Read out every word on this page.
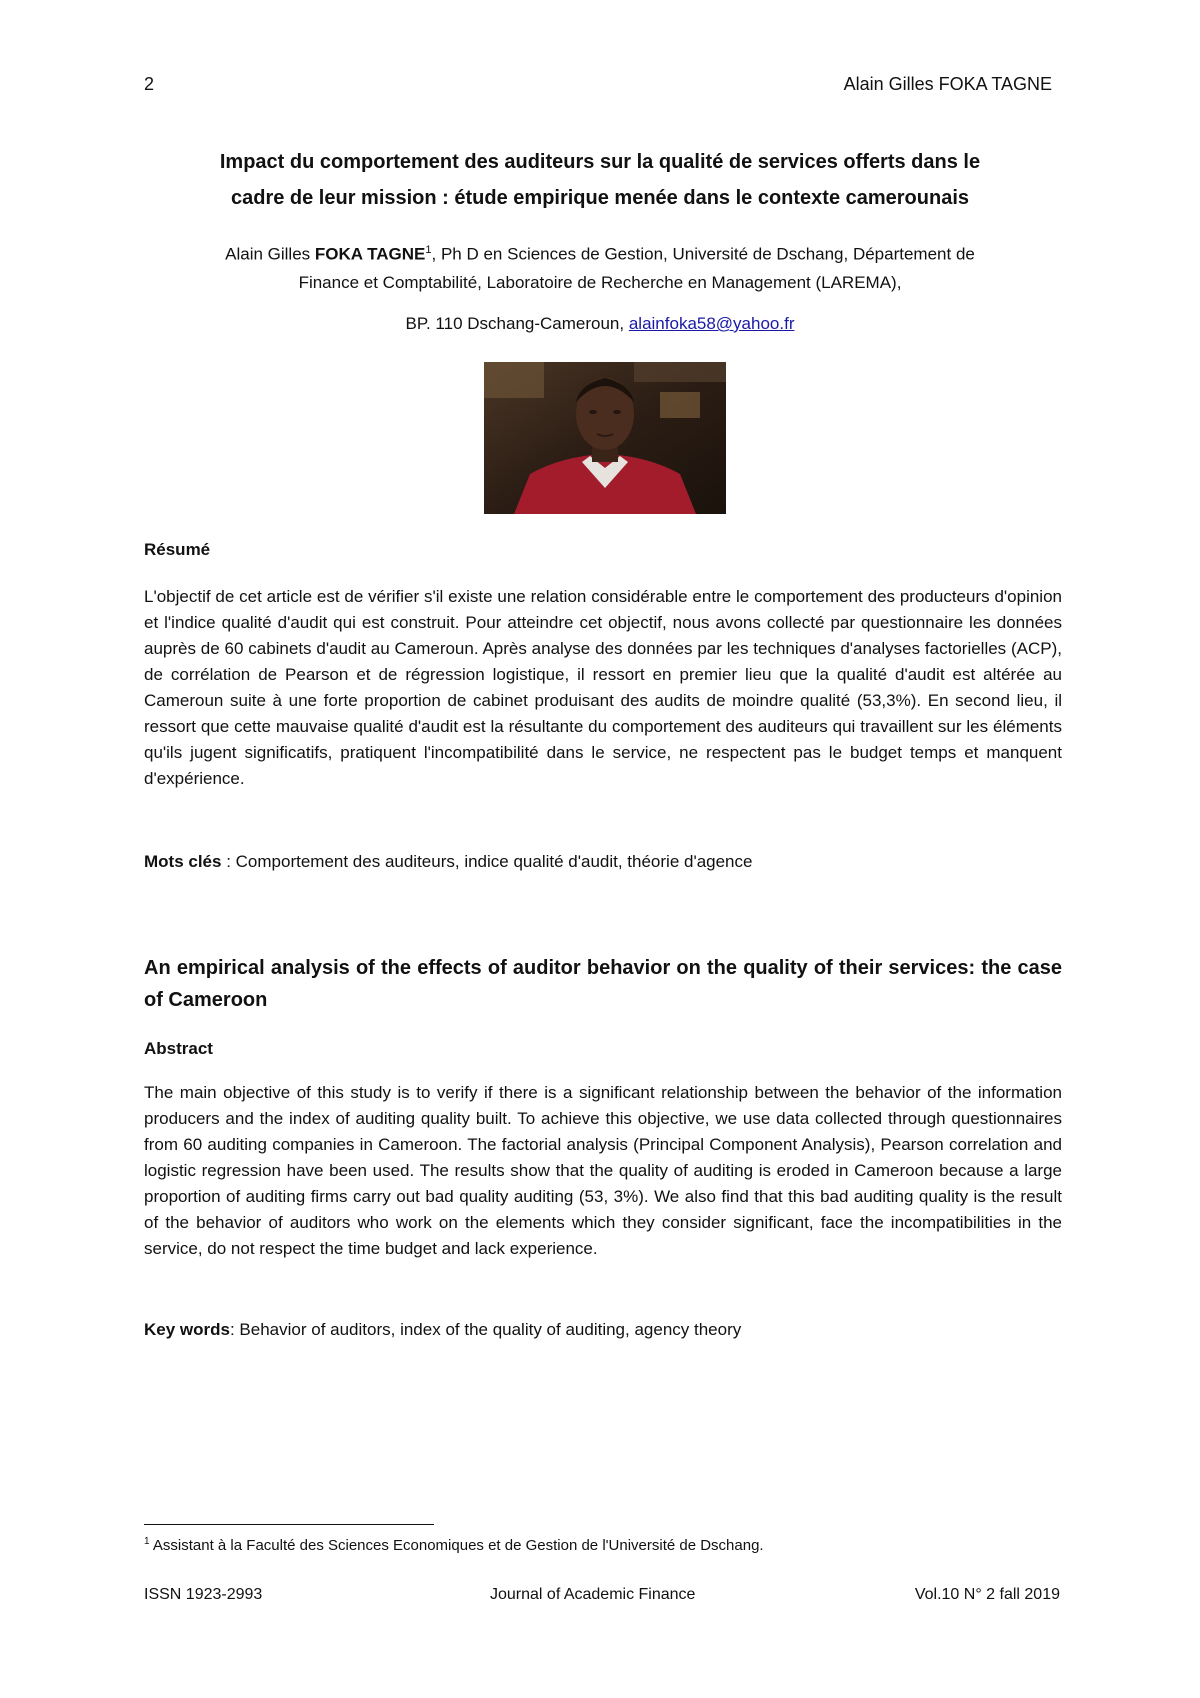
2	Alain Gilles FOKA TAGNE
Impact du comportement des auditeurs sur la qualité de services offerts dans le
cadre de leur mission : étude empirique menée dans le contexte camerounais
Alain Gilles FOKA TAGNE$^1$, Ph D en Sciences de Gestion, Université de Dschang, Département de
Finance et Comptabilité, Laboratoire de Recherche en Management (LAREMA),
BP. 110 Dschang-Cameroun, alainfoka58@yahoo.fr
Résumé
L'objectif de cet article est de vérifier s'il existe une relation considérable entre le comportement des producteurs d'opinion et l'indice qualité d'audit qui est construit. Pour atteindre cet objectif, nous avons collecté par questionnaire les données auprès de 60 cabinets d'audit au Cameroun. Après analyse des données par les techniques d'analyses factorielles (ACP), de corrélation de Pearson et de régression logistique, il ressort en premier lieu que la qualité d'audit est altérée au Cameroun suite à une forte proportion de cabinet produisant des audits de moindre qualité (53,3%). En second lieu, il ressort que cette mauvaise qualité d'audit est la résultante du comportement des auditeurs qui travaillent sur les éléments qu'ils jugent significatifs, pratiquent l'incompatibilité dans le service, ne respectent pas le budget temps et manquent d'expérience.
Mots clés : Comportement des auditeurs, indice qualité d'audit, théorie d'agence
An empirical analysis of the effects of auditor behavior on the quality of their services: the case of Cameroon
Abstract
The main objective of this study is to verify if there is a significant relationship between the behavior of the information producers and the index of auditing quality built. To achieve this objective, we use data collected through questionnaires from 60 auditing companies in Cameroon. The factorial analysis (Principal Component Analysis), Pearson correlation and logistic regression have been used. The results show that the quality of auditing is eroded in Cameroon because a large proportion of auditing firms carry out bad quality auditing (53, 3%). We also find that this bad auditing quality is the result of the behavior of auditors who work on the elements which they consider significant, face the incompatibilities in the service, do not respect the time budget and lack experience.
Key words: Behavior of auditors, index of the quality of auditing, agency theory
$^1$ Assistant à la Faculté des Sciences Economiques et de Gestion de l'Université de Dschang.
ISSN 1923-2993	Journal of Academic Finance	Vol.10 N° 2 fall 2019
